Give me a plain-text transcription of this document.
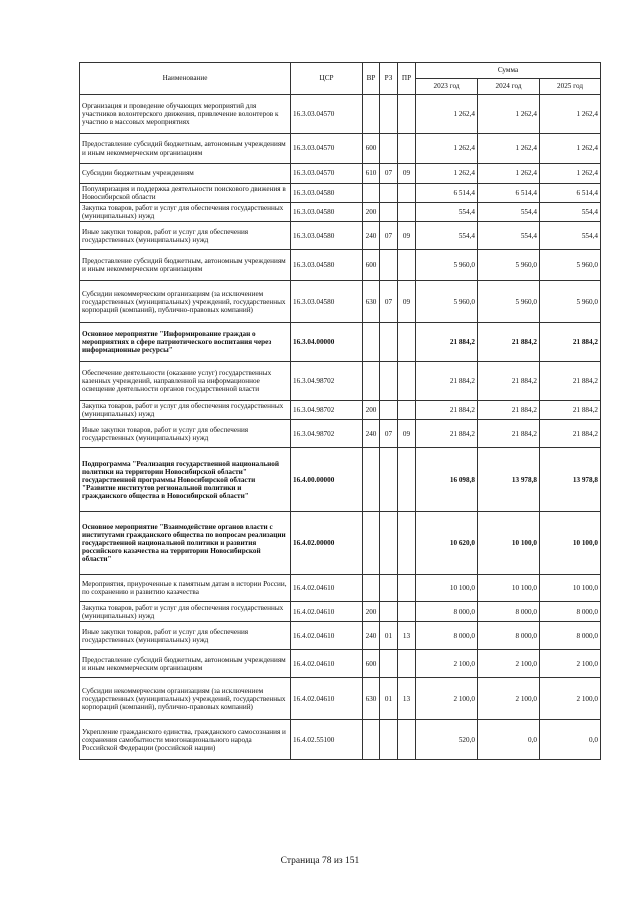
Наименование	ЦСР	ВР	РЗ	ПР	Сумма		
					2023 год	2024 год	2025 год
Организация и проведение обучающих мероприятий для участников волонтерского движения, привлечение волонтеров к участию в массовых мероприятиях	16.3.03.04570				1 262,4	1 262,4	1 262,4
Предоставление субсидий бюджетным, автономным учреждениям и иным некоммерческим организациям	16.3.03.04570	600			1 262,4	1 262,4	1 262,4
Субсидии бюджетным учреждениям	16.3.03.04570	610	07	09	1 262,4	1 262,4	1 262,4
Популяризация и поддержка деятельности поискового движения в Новосибирской области	16.3.03.04580				6 514,4	6 514,4	6 514,4
Закупка товаров, работ и услуг для обеспечения государственных (муниципальных) нужд	16.3.03.04580	200			554,4	554,4	554,4
Иные закупки товаров, работ и услуг для обеспечения государственных (муниципальных) нужд	16.3.03.04580	240	07	09	554,4	554,4	554,4
Предоставление субсидий бюджетным, автономным учреждениям и иным некоммерческим организациям	16.3.03.04580	600			5 960,0	5 960,0	5 960,0
Субсидии некоммерческим организациям (за исключением государственных (муниципальных) учреждений, государственных корпораций (компаний), публично-правовых компаний)	16.3.03.04580	630	07	09	5 960,0	5 960,0	5 960,0
Основное мероприятие "Информирование граждан о мероприятиях в сфере патриотического воспитания через информационные ресурсы"	16.3.04.00000				21 884,2	21 884,2	21 884,2
Обеспечение деятельности (оказание услуг) государственных казенных учреждений, направленной на информационное освещение деятельности органов государственной власти	16.3.04.98702				21 884,2	21 884,2	21 884,2
Закупка товаров, работ и услуг для обеспечения государственных (муниципальных) нужд	16.3.04.98702	200			21 884,2	21 884,2	21 884,2
Иные закупки товаров, работ и услуг для обеспечения государственных (муниципальных) нужд	16.3.04.98702	240	07	09	21 884,2	21 884,2	21 884,2
Подпрограмма "Реализация государственной национальной политики на территории Новосибирской области" государственной программы Новосибирской области "Развитие институтов региональной политики и гражданского общества в Новосибирской области"	16.4.00.00000				16 098,8	13 978,8	13 978,8
Основное мероприятие "Взаимодействие органов власти с институтами гражданского общества по вопросам реализации государственной национальной политики и развития российского казачества на территории Новосибирской области"	16.4.02.00000				10 620,0	10 100,0	10 100,0
Мероприятия, приуроченные к памятным датам в истории России, по сохранению и развитию казачества	16.4.02.04610				10 100,0	10 100,0	10 100,0
Закупка товаров, работ и услуг для обеспечения государственных (муниципальных) нужд	16.4.02.04610	200			8 000,0	8 000,0	8 000,0
Иные закупки товаров, работ и услуг для обеспечения государственных (муниципальных) нужд	16.4.02.04610	240	01	13	8 000,0	8 000,0	8 000,0
Предоставление субсидий бюджетным, автономным учреждениям и иным некоммерческим организациям	16.4.02.04610	600			2 100,0	2 100,0	2 100,0
Субсидии некоммерческим организациям (за исключением государственных (муниципальных) учреждений, государственных корпораций (компаний), публично-правовых компаний)	16.4.02.04610	630	01	13	2 100,0	2 100,0	2 100,0
Укрепление гражданского единства, гражданского самосознания и сохранения самобытности многонационального народа Российской Федерации (российской нации)	16.4.02.55100				520,0	0,0	0,0
Страница 78 из 151
